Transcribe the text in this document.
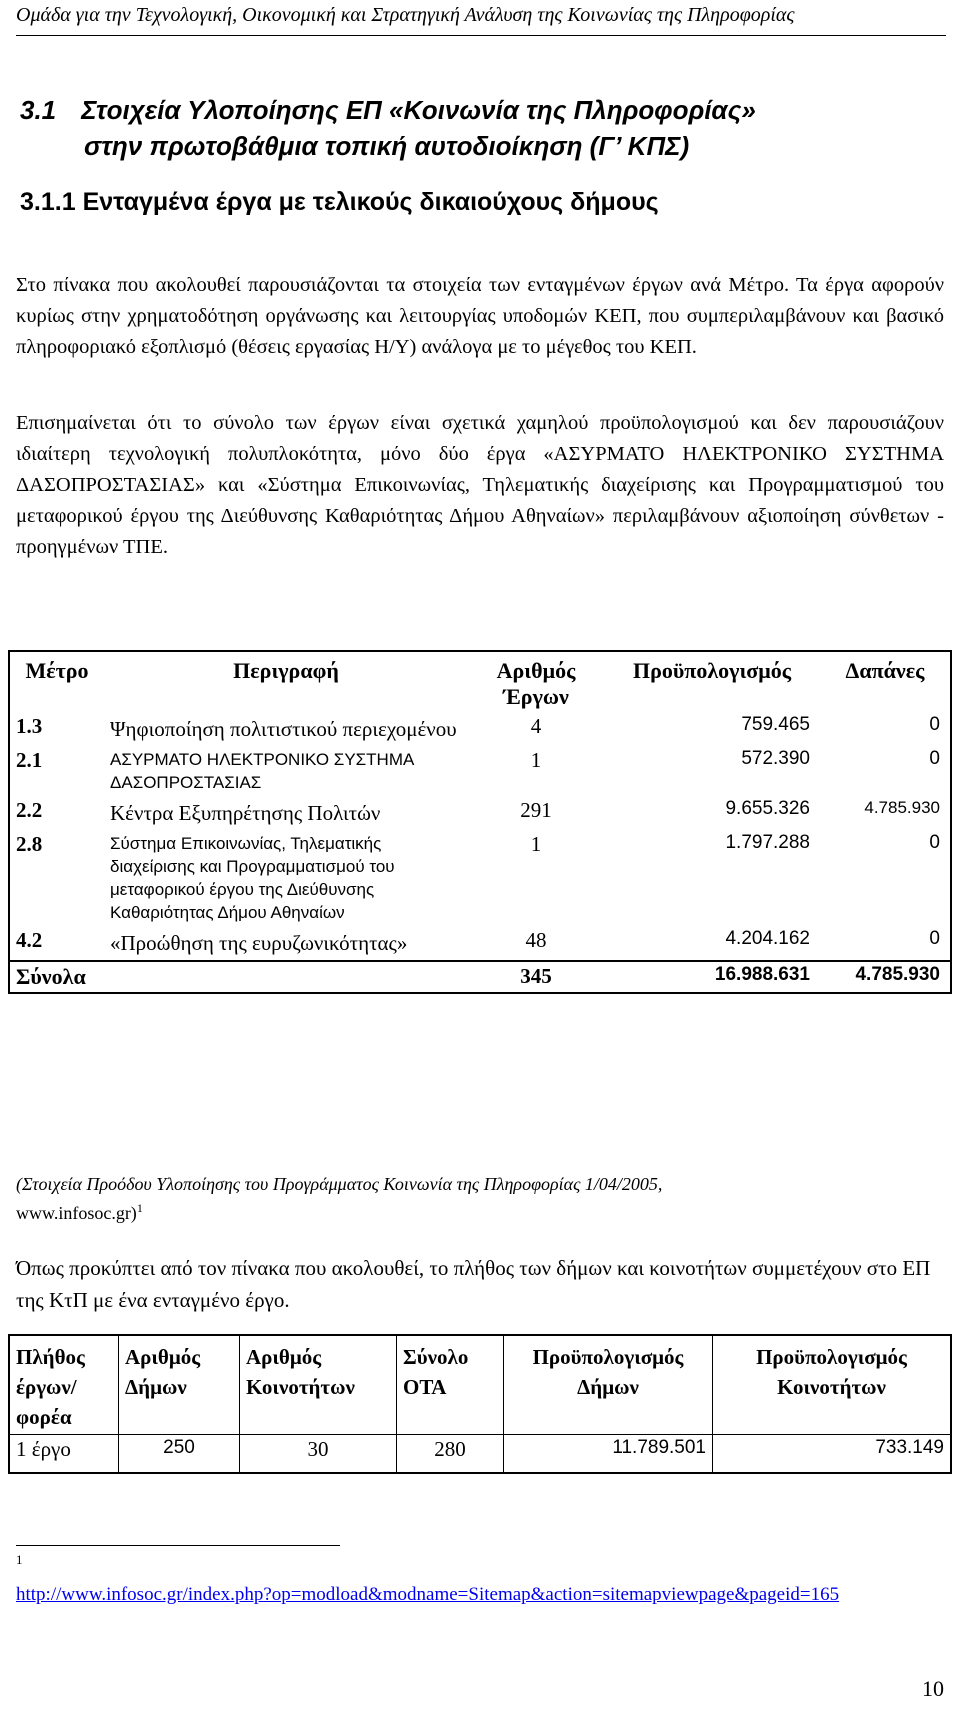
Ομάδα για την Τεχνολογική, Οικονομική και Στρατηγική Ανάλυση της Κοινωνίας της Πληροφορίας
3.1 Στοιχεία Υλοποίησης ΕΠ «Κοινωνία της Πληροφορίας»
στην πρωτοβάθμια τοπική αυτοδιοίκηση (Γ’ ΚΠΣ)
3.1.1 Ενταγμένα έργα με τελικούς δικαιούχους δήμους
Στο πίνακα που ακολουθεί παρουσιάζονται τα στοιχεία των ενταγμένων έργων ανά Μέτρο. Τα έργα αφορούν κυρίως στην χρηματοδότηση οργάνωσης και λειτουργίας υποδομών ΚΕΠ, που συμπεριλαμβάνουν και βασικό πληροφοριακό εξοπλισμό (θέσεις εργασίας Η/Υ) ανάλογα με το μέγεθος του ΚΕΠ.
Επισημαίνεται ότι το σύνολο των έργων είναι σχετικά χαμηλού προϋπολογισμού και δεν παρουσιάζουν ιδιαίτερη τεχνολογική πολυπλοκότητα, μόνο δύο έργα «ΑΣΥΡΜΑΤΟ ΗΛΕΚΤΡΟΝΙΚΟ ΣΥΣΤΗΜΑ ΔΑΣΟΠΡΟΣΤΑΣΙΑΣ» και «Σύστημα Επικοινωνίας, Τηλεματικής διαχείρισης και Προγραμματισμού του μεταφορικού έργου της Διεύθυνσης Καθαριότητας Δήμου Αθηναίων» περιλαμβάνουν αξιοποίηση σύνθετων - προηγμένων ΤΠΕ.
Μέτρο	Περιγραφή	Αριθμός Έργων	Προϋπολογισμός	Δαπάνες
1.3	Ψηφιοποίηση πολιτιστικού περιεχομένου	4	759.465	0
2.1	ΑΣΥΡΜΑΤΟ ΗΛΕΚΤΡΟΝΙΚΟ ΣΥΣΤΗΜΑ ΔΑΣΟΠΡΟΣΤΑΣΙΑΣ	1	572.390	0
2.2	Κέντρα Εξυπηρέτησης Πολιτών	291	9.655.326	4.785.930
2.8	Σύστημα Επικοινωνίας, Τηλεματικής διαχείρισης και Προγραμματισμού του μεταφορικού έργου της Διεύθυνσης Καθαριότητας Δήμου Αθηναίων	1	1.797.288	0
4.2	«Προώθηση της ευρυζωνικότητας»	48	4.204.162	0
Σύνολα		345	16.988.631	4.785.930
(Στοιχεία Προόδου Υλοποίησης του Προγράμματος Κοινωνία της Πληροφορίας 1/04/2005,
www.infosoc.gr)$^1$
Όπως προκύπτει από τον πίνακα που ακολουθεί, το πλήθος των δήμων και κοινοτήτων συμμετέχουν στο ΕΠ της ΚτΠ με ένα ενταγμένο έργο.
Πλήθος έργων/ φορέα	Αριθμός Δήμων	Αριθμός Κοινοτήτων	Σύνολο ΟΤΑ	Προϋπολογισμός Δήμων	Προϋπολογισμός Κοινοτήτων
1 έργο	250	30	280	11.789.501	733.149
1
http://www.infosoc.gr/index.php?op=modload&modname=Sitemap&action=sitemapviewpage&pageid=165
10
